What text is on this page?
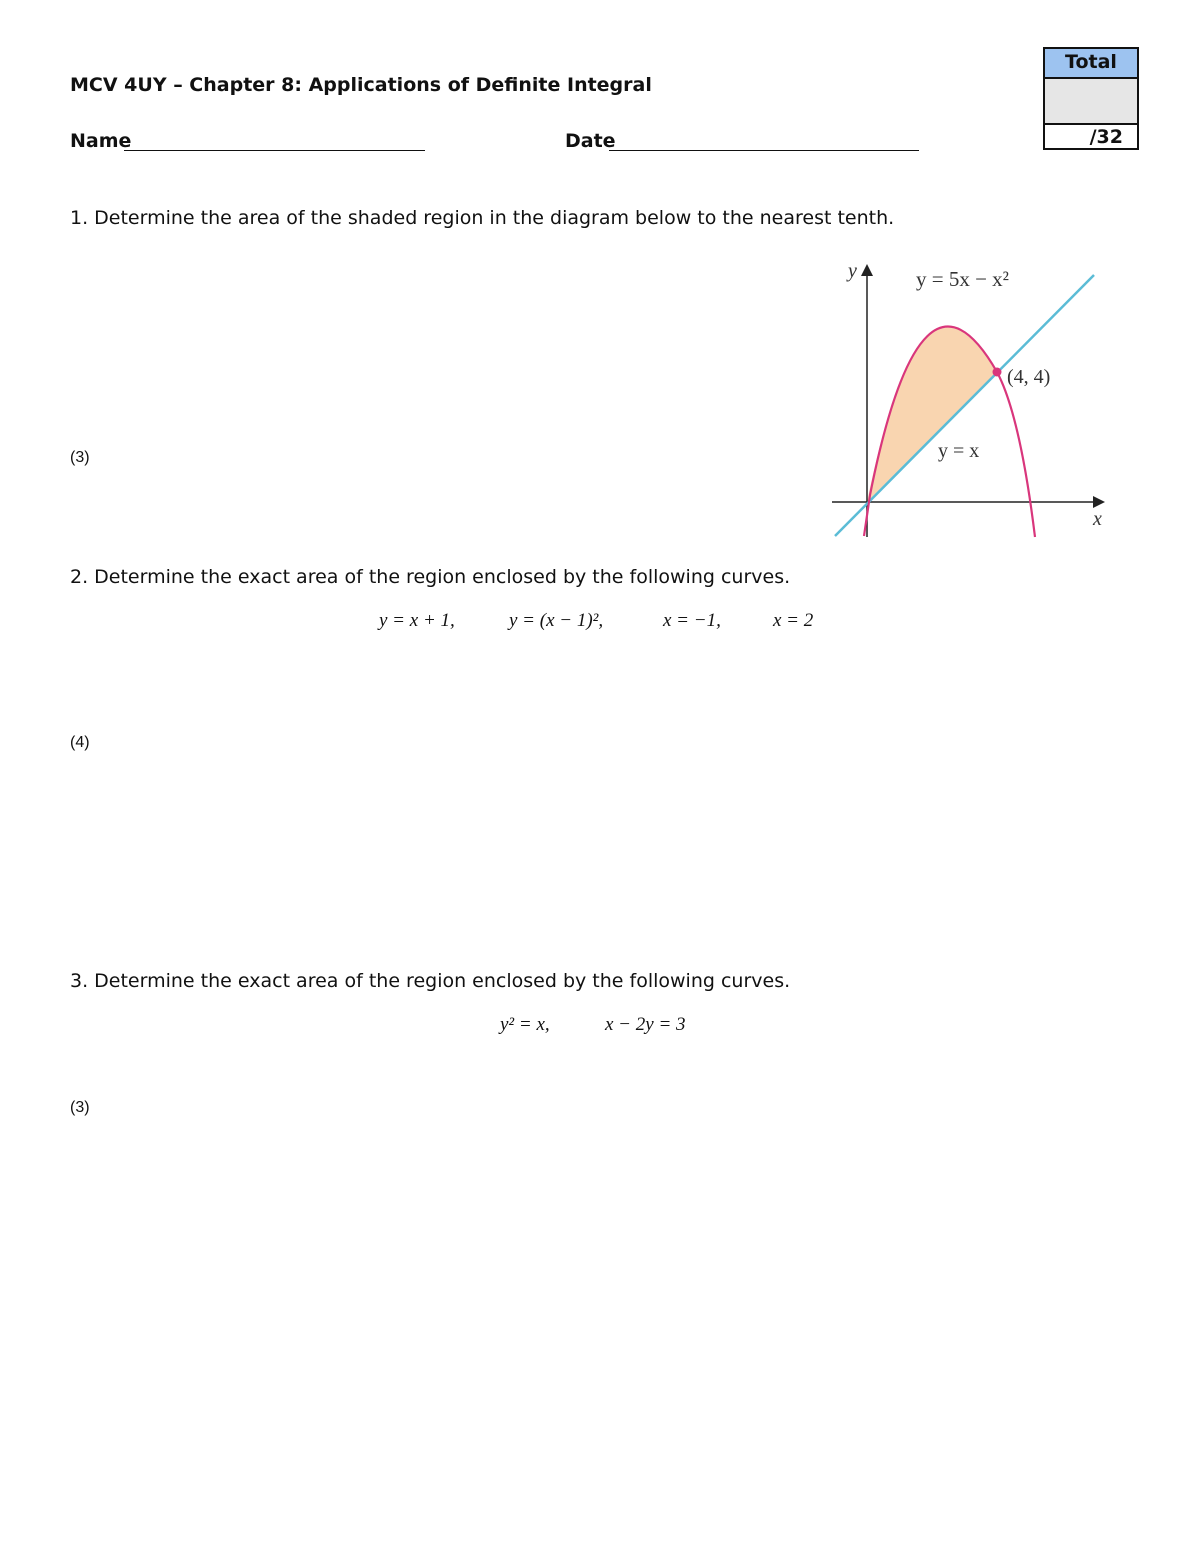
MCV 4UY – Chapter 8: Applications of Definite Integral
Name	Date
Total
/32
1. Determine the area of the shaded region in the diagram below to the nearest tenth.
(3)
y
x
y = 5x − x²
(4, 4)
y = x
2. Determine the exact area of the region enclosed by the following curves.
y = x + 1,	y = (x − 1)²,	x = −1,	x = 2
(4)
3. Determine the exact area of the region enclosed by the following curves.
y² = x,	x − 2y = 3
(3)
